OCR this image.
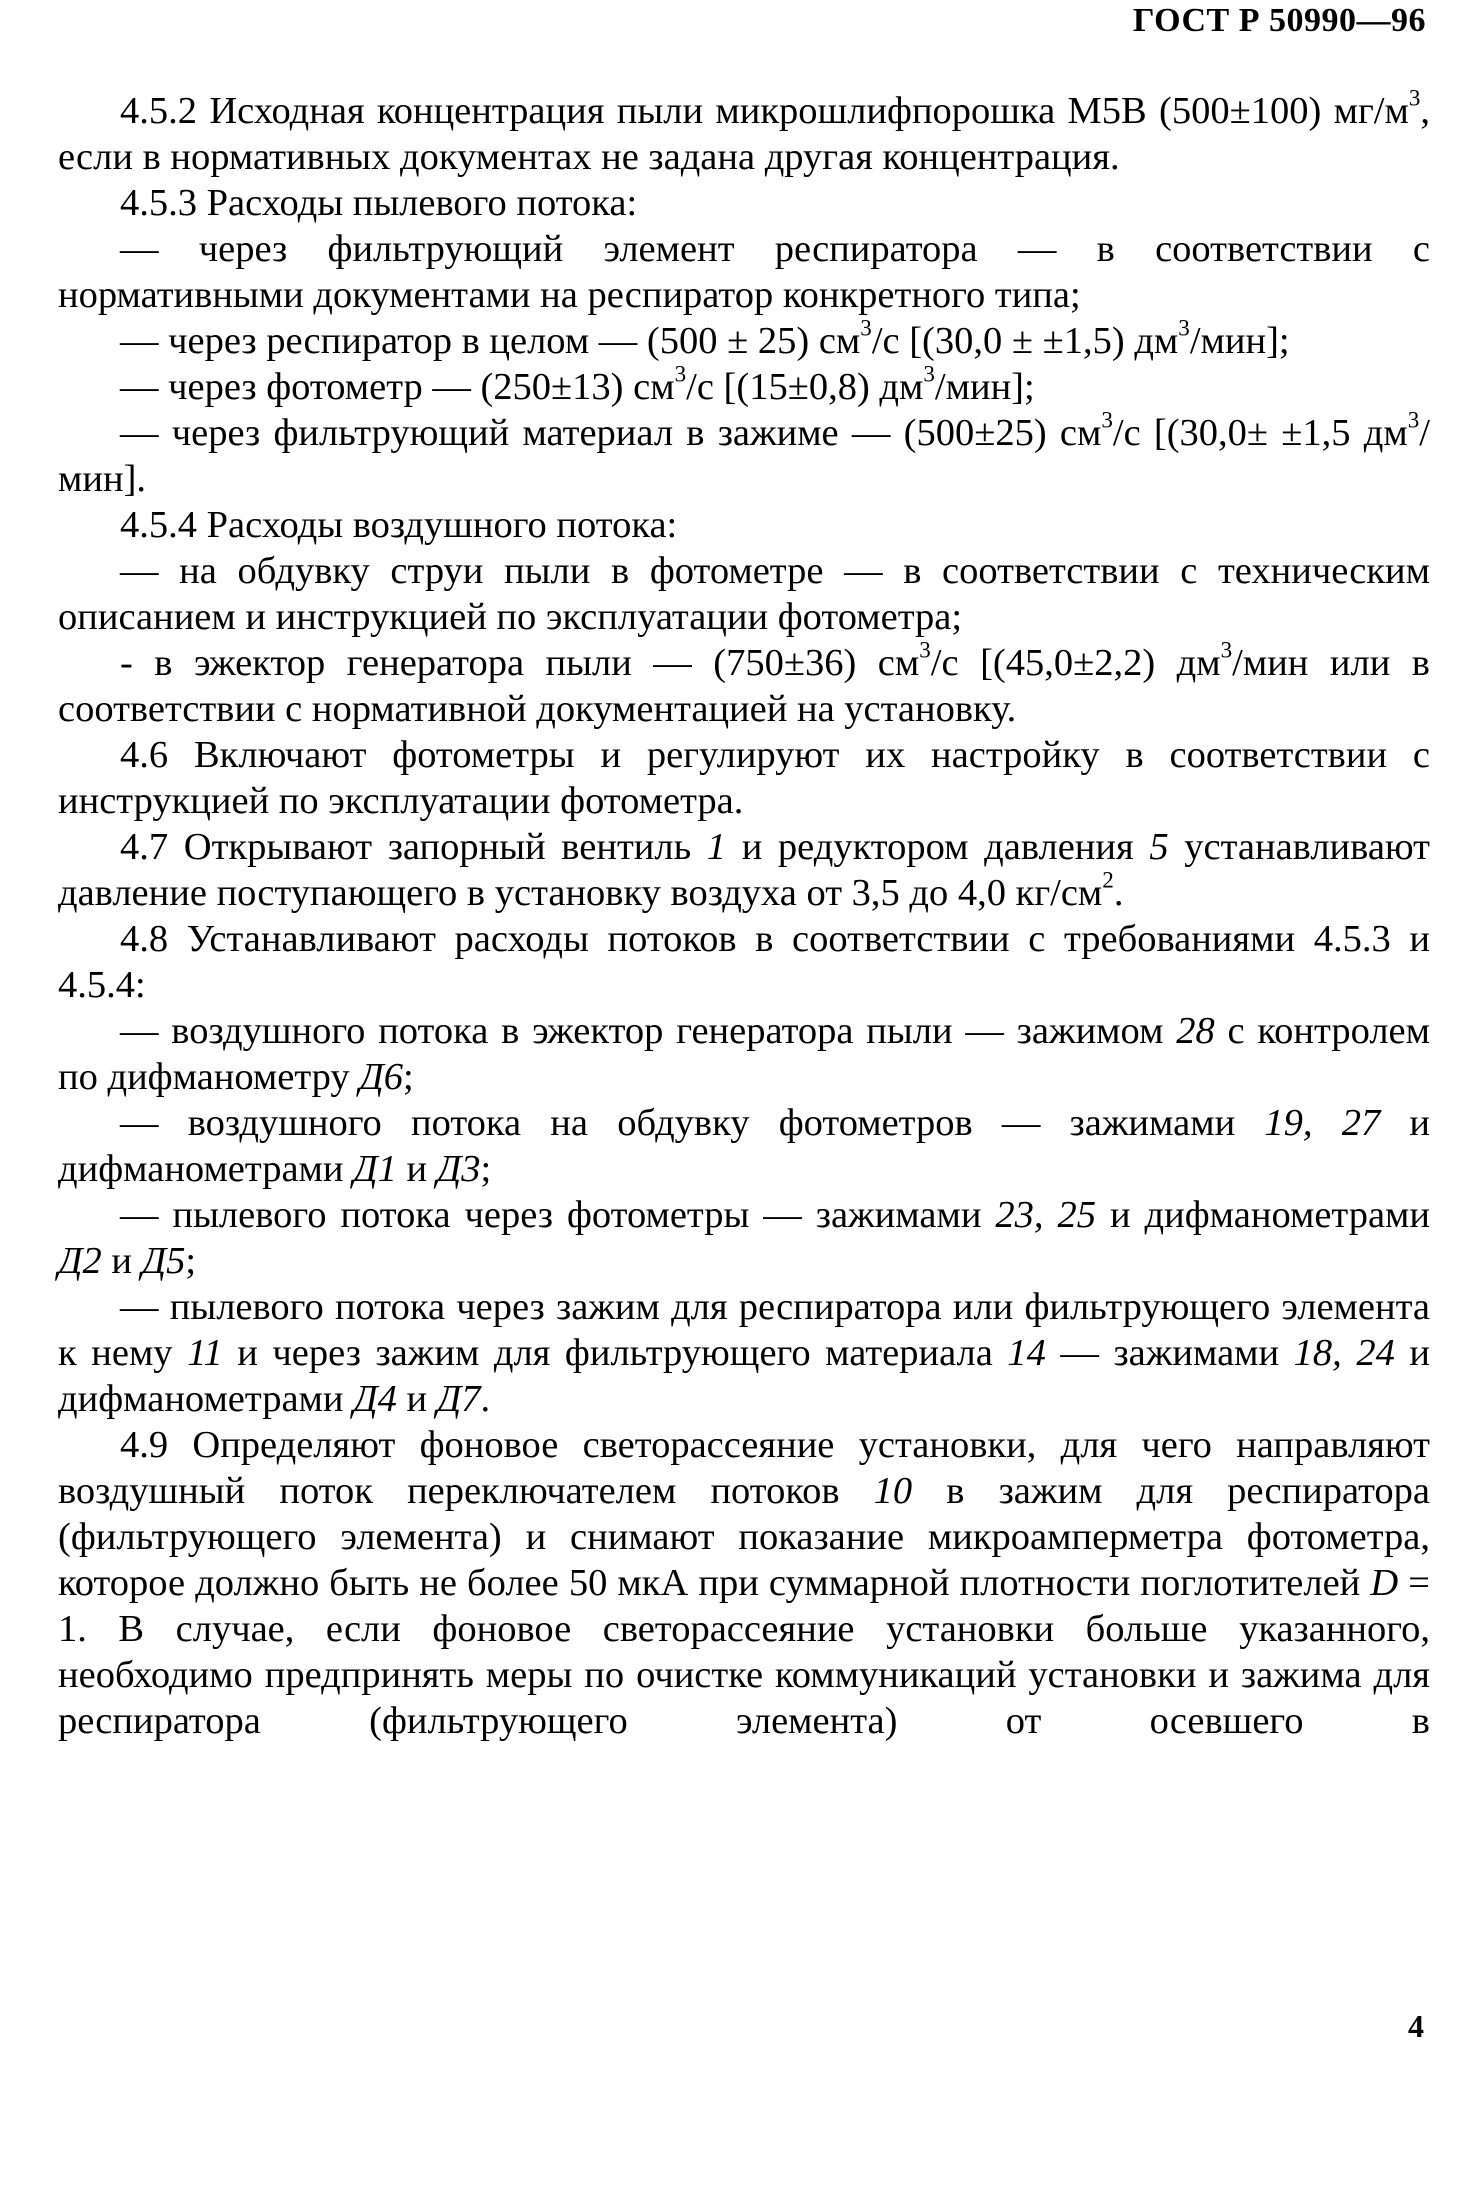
ГОСТ Р 50990—96

4.5.2 Исходная концентрация пыли микрошлифпорошка M5B (500±100) $мг/м^3$, если в нормативных документах не задана другая концентрация.

4.5.3 Расходы пылевого потока:

— через фильтрующий элемент респиратора — в соответствии с нормативными документами на респиратор конкретного типа;

— через респиратор в целом — (500 ± 25) $см^3/с$ [(30,0 ± ±1,5) $дм^3/мин$];

— через фотометр — (250±13) $см^3/с$ [(15±0,8) $дм^3/мин$];

— через фильтрующий материал в зажиме — (500±25) $см^3/с$ [(30,0± ±1,5 $дм^3/мин$].

4.5.4 Расходы воздушного потока:

— на обдувку струи пыли в фотометре — в соответствии с техническим описанием и инструкцией по эксплуатации фотометра;

- в эжектор генератора пыли — (750±36) $см^3/с$ [(45,0±2,2) $дм^3$/мин или в соответствии с нормативной документацией на установку.

4.6 Включают фотометры и регулируют их настройку в соответствии с инструкцией по эксплуатации фотометра.

4.7 Открывают запорный вентиль 1 и редуктором давления 5 устанавливают давление поступающего в установку воздуха от 3,5 до 4,0 $кг/см^2$.

4.8 Устанавливают расходы потоков в соответствии с требованиями 4.5.3 и 4.5.4:

— воздушного потока в эжектор генератора пыли — зажимом 28 с контролем по дифманометру Д6;

— воздушного потока на обдувку фотометров — зажимами 19, 27 и дифманометрами Д1 и Д3;

— пылевого потока через фотометры — зажимами 23, 25 и дифманометрами Д2 и Д5;

— пылевого потока через зажим для респиратора или фильтрующего элемента к нему 11 и через зажим для фильтрующего материала 14 — зажимами 18, 24 и дифманометрами Д4 и Д7.

4.9 Определяют фоновое светорассеяние установки, для чего направляют воздушный поток переключателем потоков 10 в зажим для респиратора (фильтрующего элемента) и снимают показание микроамперметра фотометра, которое должно быть не более 50 мкА при суммарной плотности поглотителей D = 1. В случае, если фоновое светорассеяние установки больше указанного, необходимо предпринять меры по очистке коммуникаций установки и зажима для респиратора (фильтрующего элемента) от осевшего в

4
